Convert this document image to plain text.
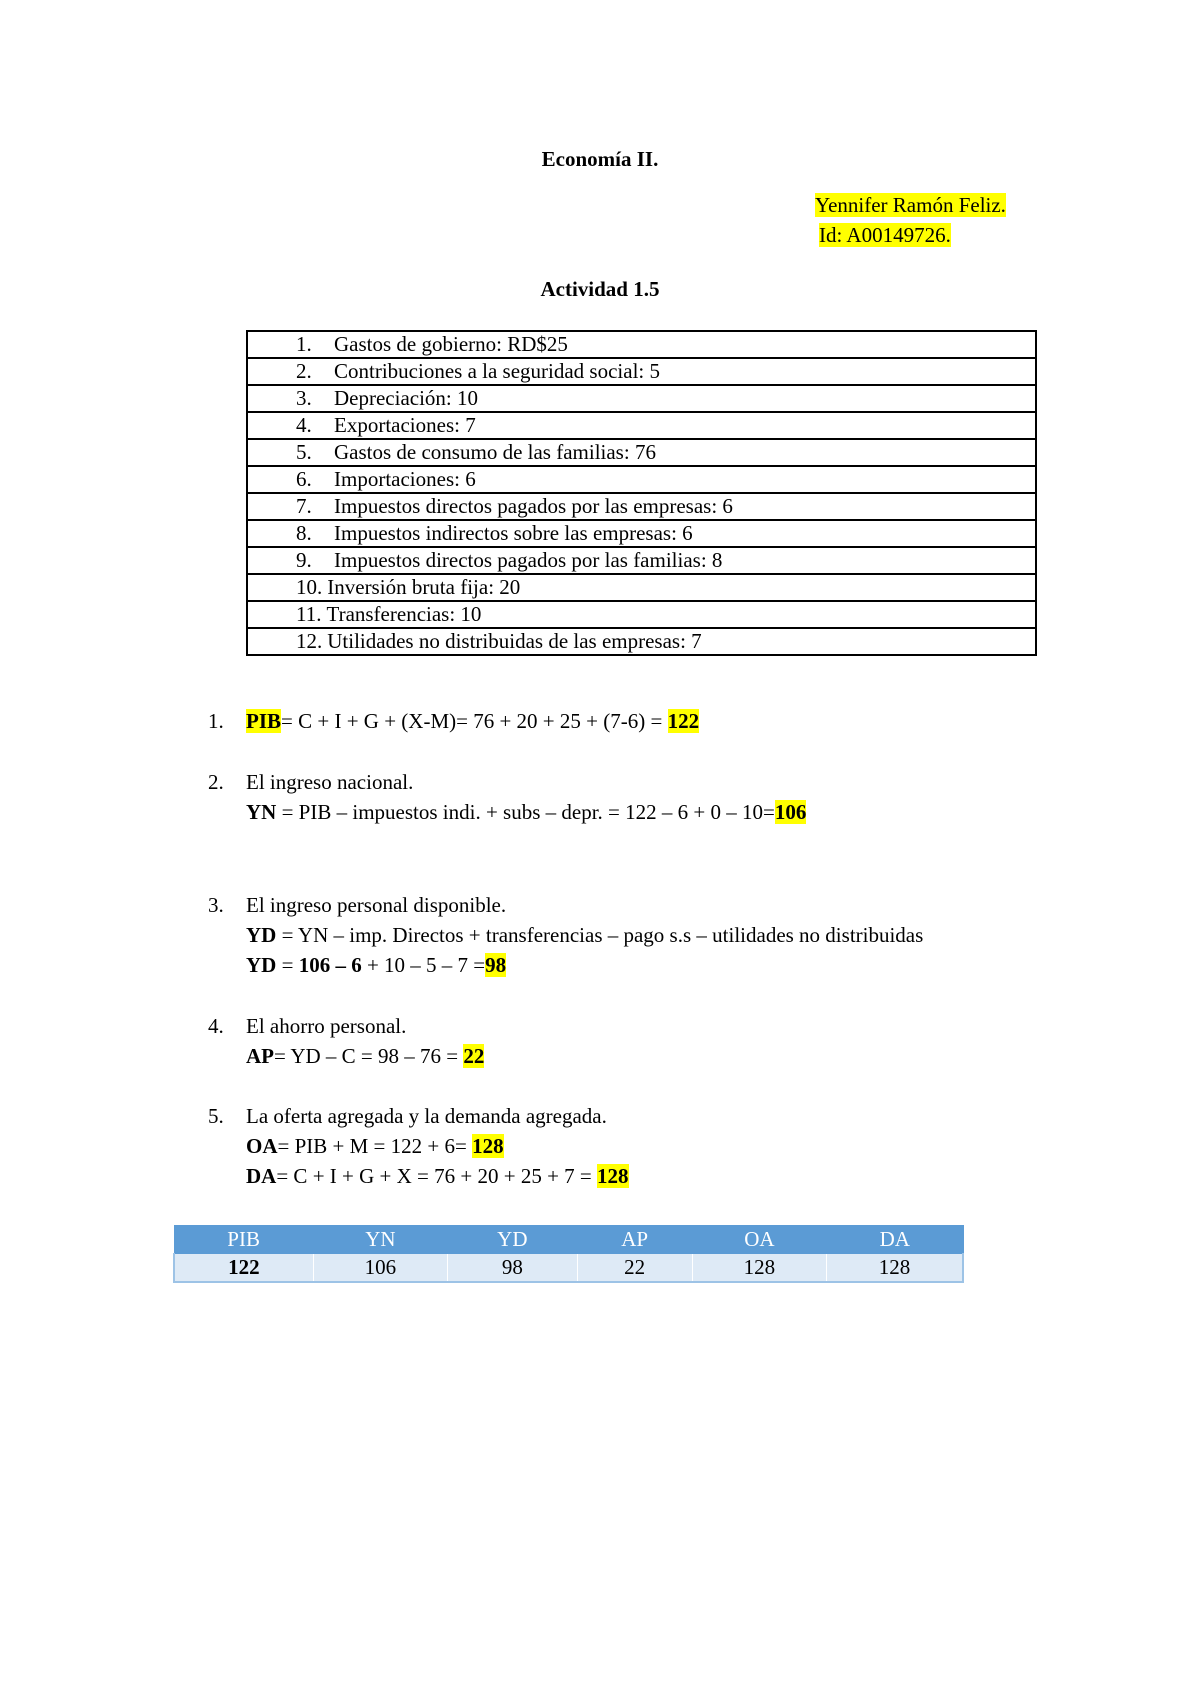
Economía II.
Yennifer Ramón Feliz.
Id: A00149726.
Actividad 1.5
1. Gastos de gobierno: RD$25
2. Contribuciones a la seguridad social: 5
3. Depreciación: 10
4. Exportaciones: 7
5. Gastos de consumo de las familias: 76
6. Importaciones: 6
7. Impuestos directos pagados por las empresas: 6
8. Impuestos indirectos sobre las empresas: 6
9. Impuestos directos pagados por las familias: 8
10. Inversión bruta fija: 20
11. Transferencias: 10
12. Utilidades no distribuidas de las empresas: 7
1. PIB= C + I + G + (X-M)= 76 + 20 + 25 + (7-6) = 122
2. El ingreso nacional.
YN = PIB – impuestos indi. + subs – depr. = 122 – 6 + 0 – 10=106
3. El ingreso personal disponible.
YD = YN – imp. Directos + transferencias – pago s.s – utilidades no distribuidas
YD = 106 – 6 + 10 – 5 – 7 =98
4. El ahorro personal.
AP= YD – C = 98 – 76 = 22
5. La oferta agregada y la demanda agregada.
OA= PIB + M = 122 + 6= 128
DA= C + I + G + X = 76 + 20 + 25 + 7 = 128
PIB	YN	YD	AP	OA	DA
122	106	98	22	128	128
